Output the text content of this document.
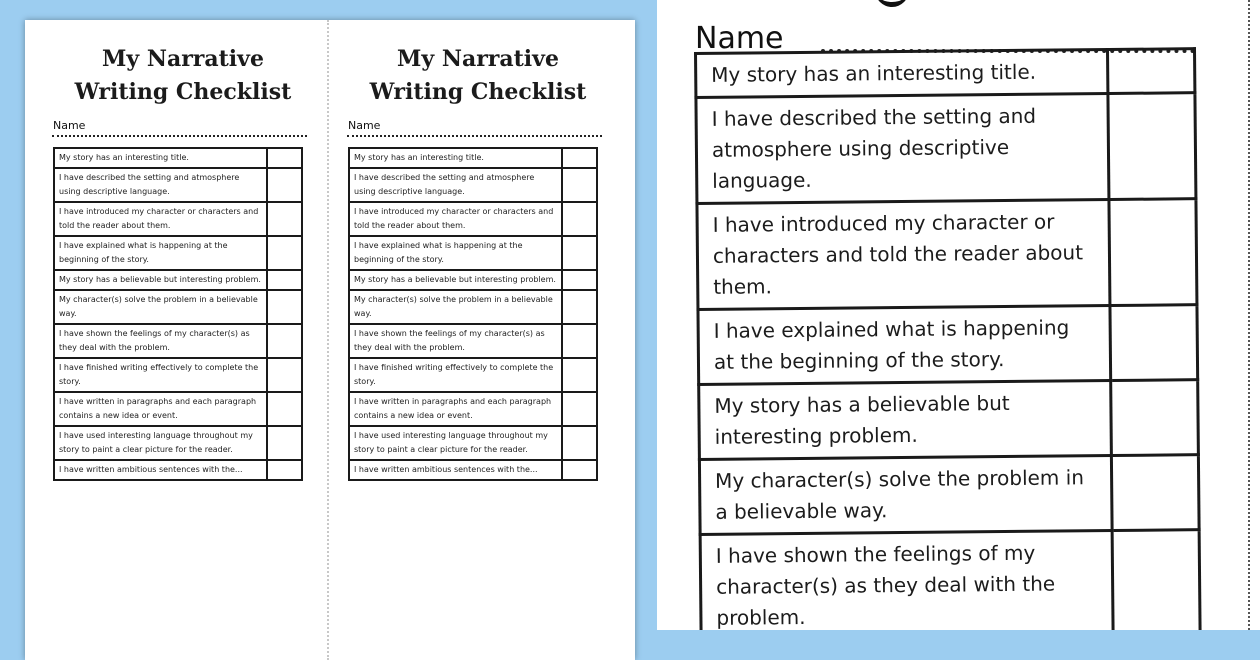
My Narrative
Writing Checklist
Name
My story has an interesting title.	
I have described the setting and atmosphere using descriptive language.	
I have introduced my character or characters and told the reader about them.	
I have explained what is happening at the beginning of the story.	
My story has a believable but interesting problem.	
My character(s) solve the problem in a believable way.	
I have shown the feelings of my character(s) as they deal with the problem.	
I have finished writing effectively to complete the story.	
I have written in paragraphs and each paragraph contains a new idea or event.	
I have used interesting language throughout my story to paint a clear picture for the reader.	
I have written ambitious sentences with the...	
My Narrative
Writing Checklist
Name
My story has an interesting title.	
I have described the setting and atmosphere using descriptive language.	
I have introduced my character or characters and told the reader about them.	
I have explained what is happening at the beginning of the story.	
My story has a believable but interesting problem.	
My character(s) solve the problem in a believable way.	
I have shown the feelings of my character(s) as they deal with the problem.	
I have finished writing effectively to complete the story.	
I have written in paragraphs and each paragraph contains a new idea or event.	
I have used interesting language throughout my story to paint a clear picture for the reader.	
I have written ambitious sentences with the...	
Name
My story has an interesting title.	
I have described the setting and atmosphere using descriptive language.	
I have introduced my character or characters and told the reader about them.	
I have explained what is happening at the beginning of the story.	
My story has a believable but interesting problem.	
My character(s) solve the problem in a believable way.	
I have shown the feelings of my character(s) as they deal with the problem.	
